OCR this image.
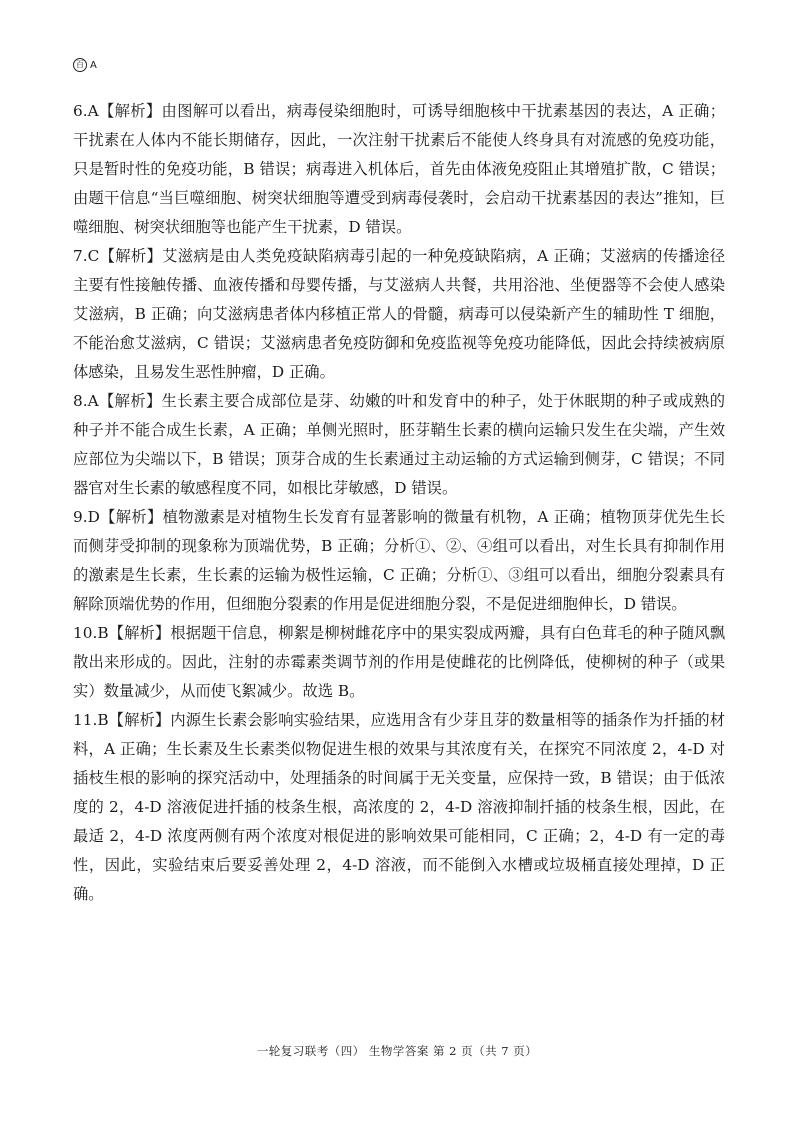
百 A

6.A【解析】由图解可以看出，病毒侵染细胞时，可诱导细胞核中干扰素基因的表达，A 正确；干扰素在人体内不能长期储存，因此，一次注射干扰素后不能使人终身具有对流感的免疫功能，只是暂时性的免疫功能，B 错误；病毒进入机体后，首先由体液免疫阻止其增殖扩散，C 错误；由题干信息“当巨噬细胞、树突状细胞等遭受到病毒侵袭时，会启动干扰素基因的表达”推知，巨噬细胞、树突状细胞等也能产生干扰素，D 错误。

7.C【解析】艾滋病是由人类免疫缺陷病毒引起的一种免疫缺陷病，A 正确；艾滋病的传播途径主要有性接触传播、血液传播和母婴传播，与艾滋病人共餐，共用浴池、坐便器等不会使人感染艾滋病，B 正确；向艾滋病患者体内移植正常人的骨髓，病毒可以侵染新产生的辅助性 T 细胞，不能治愈艾滋病，C 错误；艾滋病患者免疫防御和免疫监视等免疫功能降低，因此会持续被病原体感染，且易发生恶性肿瘤，D 正确。

8.A【解析】生长素主要合成部位是芽、幼嫩的叶和发育中的种子，处于休眠期的种子或成熟的种子并不能合成生长素，A 正确；单侧光照时，胚芽鞘生长素的横向运输只发生在尖端，产生效应部位为尖端以下，B 错误；顶芽合成的生长素通过主动运输的方式运输到侧芽，C 错误；不同器官对生长素的敏感程度不同，如根比芽敏感，D 错误。

9.D【解析】植物激素是对植物生长发育有显著影响的微量有机物，A 正确；植物顶芽优先生长而侧芽受抑制的现象称为顶端优势，B 正确；分析①、②、④组可以看出，对生长具有抑制作用的激素是生长素，生长素的运输为极性运输，C 正确；分析①、③组可以看出，细胞分裂素具有解除顶端优势的作用，但细胞分裂素的作用是促进细胞分裂，不是促进细胞伸长，D 错误。

10.B【解析】根据题干信息，柳絮是柳树雌花序中的果实裂成两瓣，具有白色茸毛的种子随风飘散出来形成的。因此，注射的赤霉素类调节剂的作用是使雌花的比例降低，使柳树的种子（或果实）数量减少，从而使飞絮减少。故选 B。

11.B【解析】内源生长素会影响实验结果，应选用含有少芽且芽的数量相等的插条作为扦插的材料，A 正确；生长素及生长素类似物促进生根的效果与其浓度有关，在探究不同浓度 2，4-D 对插枝生根的影响的探究活动中，处理插条的时间属于无关变量，应保持一致，B 错误；由于低浓度的 2，4-D 溶液促进扦插的枝条生根，高浓度的 2，4-D 溶液抑制扦插的枝条生根，因此，在最适 2，4-D 浓度两侧有两个浓度对根促进的影响效果可能相同，C 正确；2，4-D 有一定的毒性，因此，实验结束后要妥善处理 2，4-D 溶液，而不能倒入水槽或垃圾桶直接处理掉，D 正确。

一轮复习联考（四） 生物学答案 第 2 页（共 7 页）
